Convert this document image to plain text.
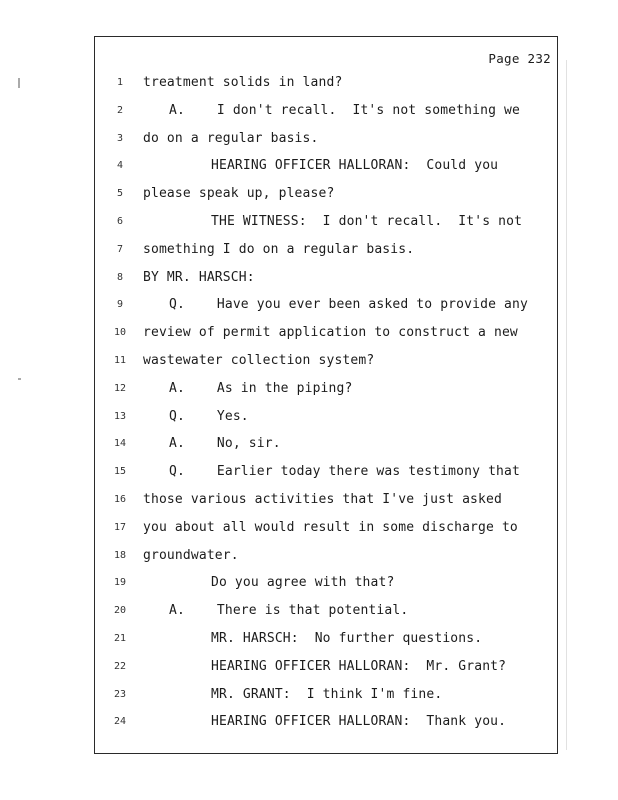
Page 232
1	treatment solids in land?
2	A.    I don't recall.  It's not something we
3	do on a regular basis.
4	HEARING OFFICER HALLORAN:  Could you
5	please speak up, please?
6	THE WITNESS:  I don't recall.  It's not
7	something I do on a regular basis.
8	BY MR. HARSCH:
9	Q.    Have you ever been asked to provide any
10	review of permit application to construct a new
11	wastewater collection system?
12	A.    As in the piping?
13	Q.    Yes.
14	A.    No, sir.
15	Q.    Earlier today there was testimony that
16	those various activities that I've just asked
17	you about all would result in some discharge to
18	groundwater.
19	Do you agree with that?
20	A.    There is that potential.
21	MR. HARSCH:  No further questions.
22	HEARING OFFICER HALLORAN:  Mr. Grant?
23	MR. GRANT:  I think I'm fine.
24	HEARING OFFICER HALLORAN:  Thank you.
